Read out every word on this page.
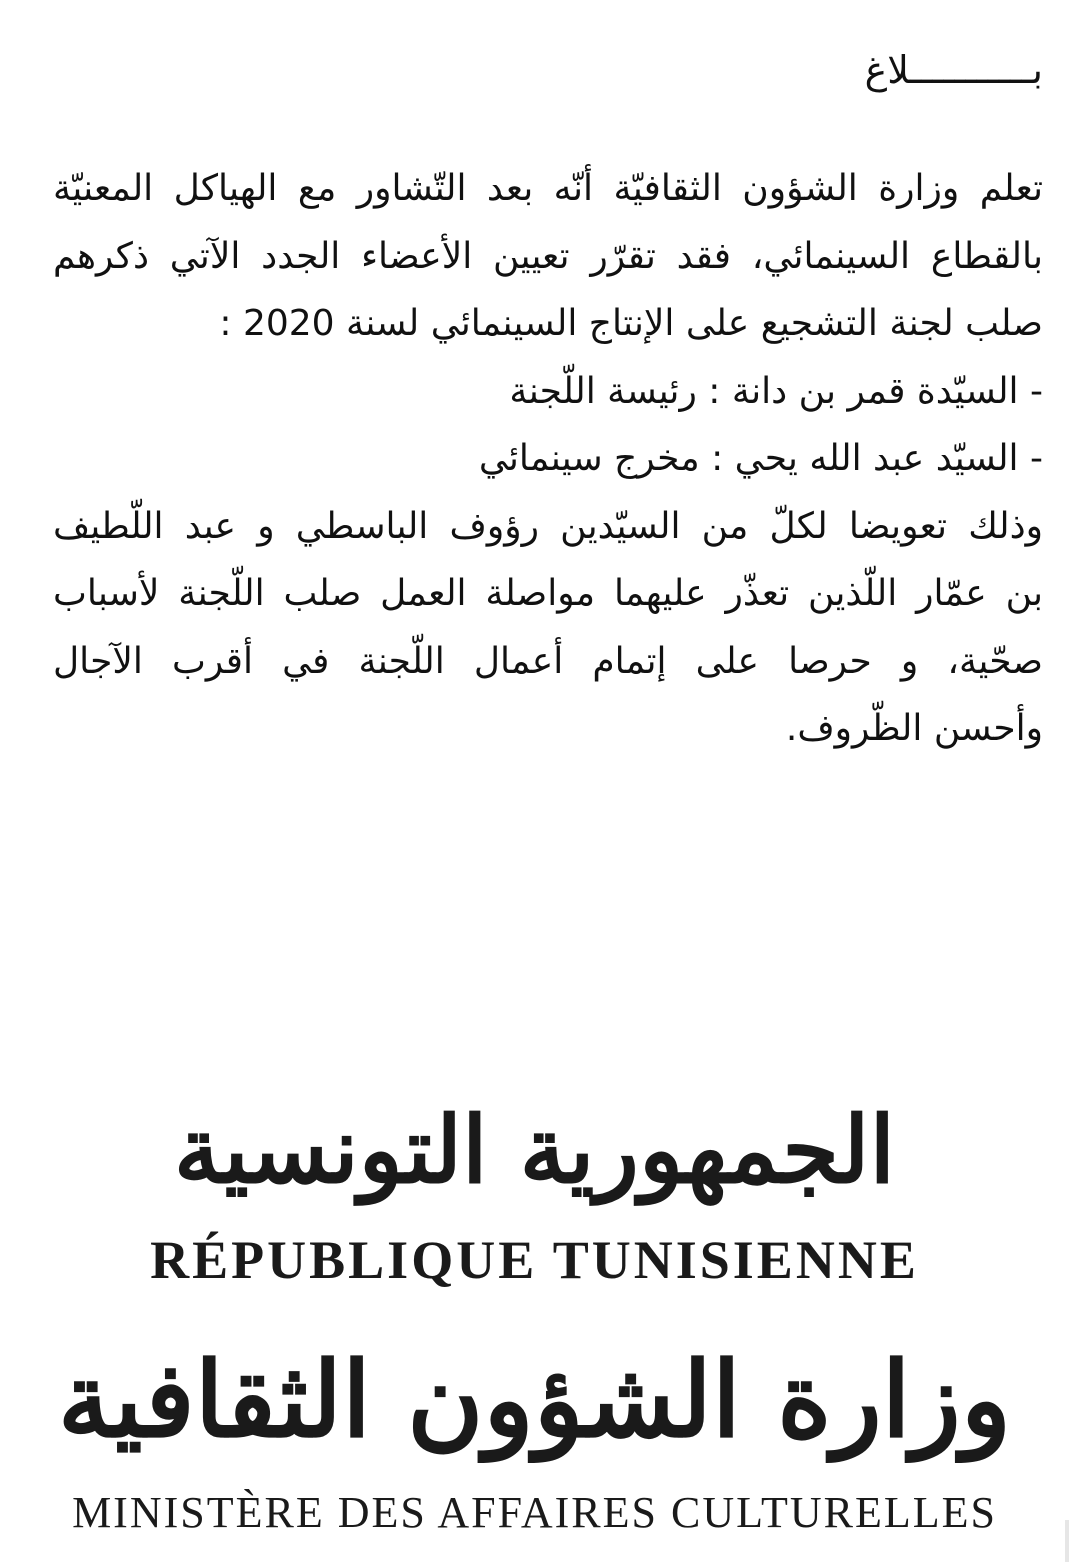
بـــــــــــلاغ
تعلم وزارة الشؤون الثقافيّة أنّه بعد التّشاور مع الهياكل المعنيّة
بالقطاع السينمائي، فقد تقرّر تعيين الأعضاء الجدد الآتي ذكرهم
صلب لجنة التشجيع على الإنتاج السينمائي لسنة 2020 :
- السيّدة قمر بن دانة : رئيسة اللّجنة
- السيّد عبد الله يحي : مخرج سينمائي
وذلك تعويضا لكلّ من السيّدين رؤوف الباسطي و عبد اللّطيف
بن عمّار اللّذين تعذّر عليهما مواصلة العمل صلب اللّجنة لأسباب
صحّية، و حرصا على إتمام أعمال اللّجنة في أقرب الآجال
وأحسن الظّروف.
الجمهورية التونسية
RÉPUBLIQUE TUNISIENNE
وزارة الشؤون الثقافية
MINISTÈRE DES AFFAIRES CULTURELLES
